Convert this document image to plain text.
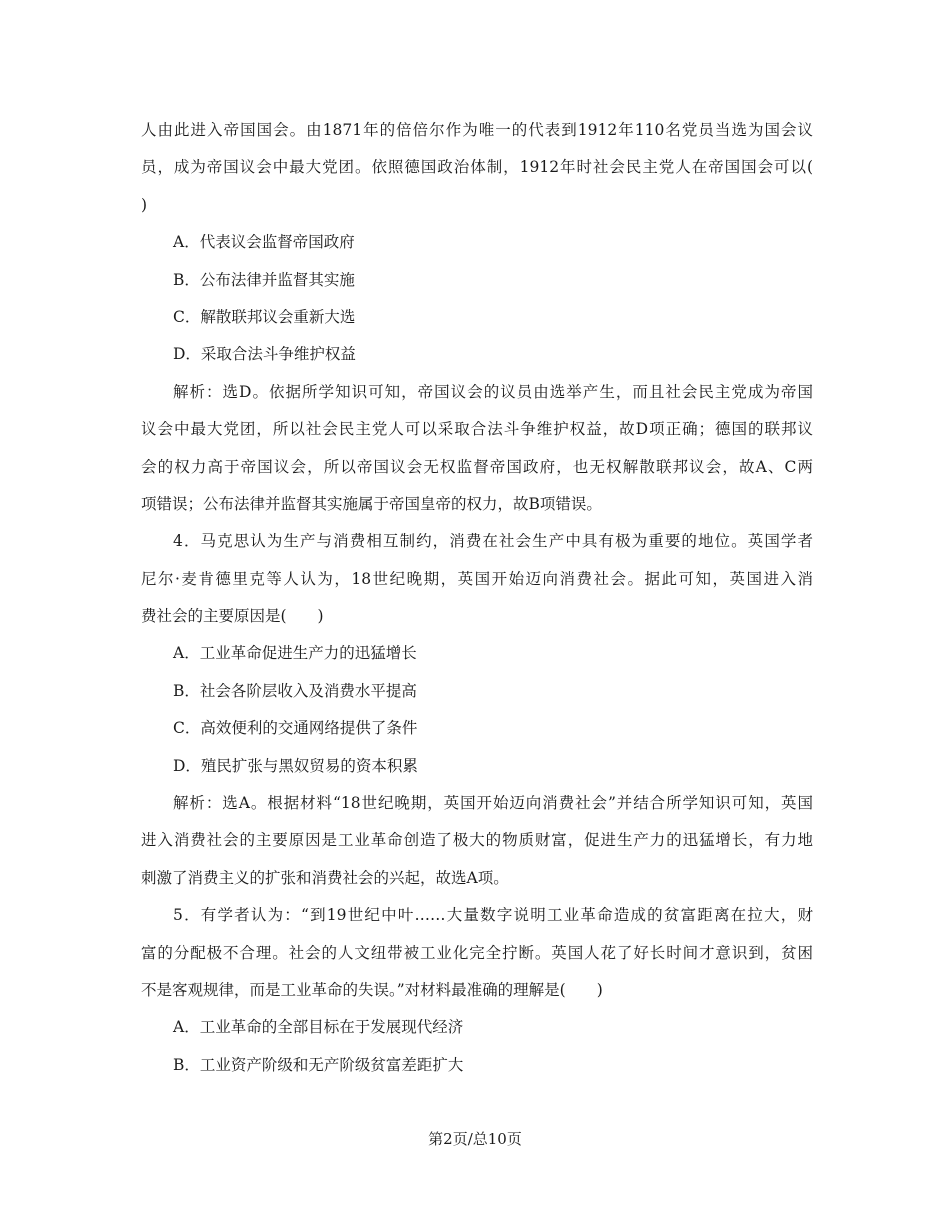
人由此进入帝国国会。由1871年的倍倍尔作为唯一的代表到1912年110名党员当选为国会议
员，成为帝国议会中最大党团。依照德国政治体制，1912年时社会民主党人在帝国国会可以(
)
A．代表议会监督帝国政府
B．公布法律并监督其实施
C．解散联邦议会重新大选
D．采取合法斗争维护权益
解析：选D。依据所学知识可知，帝国议会的议员由选举产生，而且社会民主党成为帝国
议会中最大党团，所以社会民主党人可以采取合法斗争维护权益，故D项正确；德国的联邦议
会的权力高于帝国议会，所以帝国议会无权监督帝国政府，也无权解散联邦议会，故A、C两
项错误；公布法律并监督其实施属于帝国皇帝的权力，故B项错误。
4．马克思认为生产与消费相互制约，消费在社会生产中具有极为重要的地位。英国学者
尼尔·麦肯德里克等人认为，18世纪晚期，英国开始迈向消费社会。据此可知，英国进入消
费社会的主要原因是(　　)
A．工业革命促进生产力的迅猛增长
B．社会各阶层收入及消费水平提高
C．高效便利的交通网络提供了条件
D．殖民扩张与黑奴贸易的资本积累
解析：选A。根据材料“18世纪晚期，英国开始迈向消费社会”并结合所学知识可知，英国
进入消费社会的主要原因是工业革命创造了极大的物质财富，促进生产力的迅猛增长，有力地
刺激了消费主义的扩张和消费社会的兴起，故选A项。
5．有学者认为：“到19世纪中叶……大量数字说明工业革命造成的贫富距离在拉大，财
富的分配极不合理。社会的人文纽带被工业化完全拧断。英国人花了好长时间才意识到，贫困
不是客观规律，而是工业革命的失误。”对材料最准确的理解是(　　)
A．工业革命的全部目标在于发展现代经济
B．工业资产阶级和无产阶级贫富差距扩大
第2页/总10页
